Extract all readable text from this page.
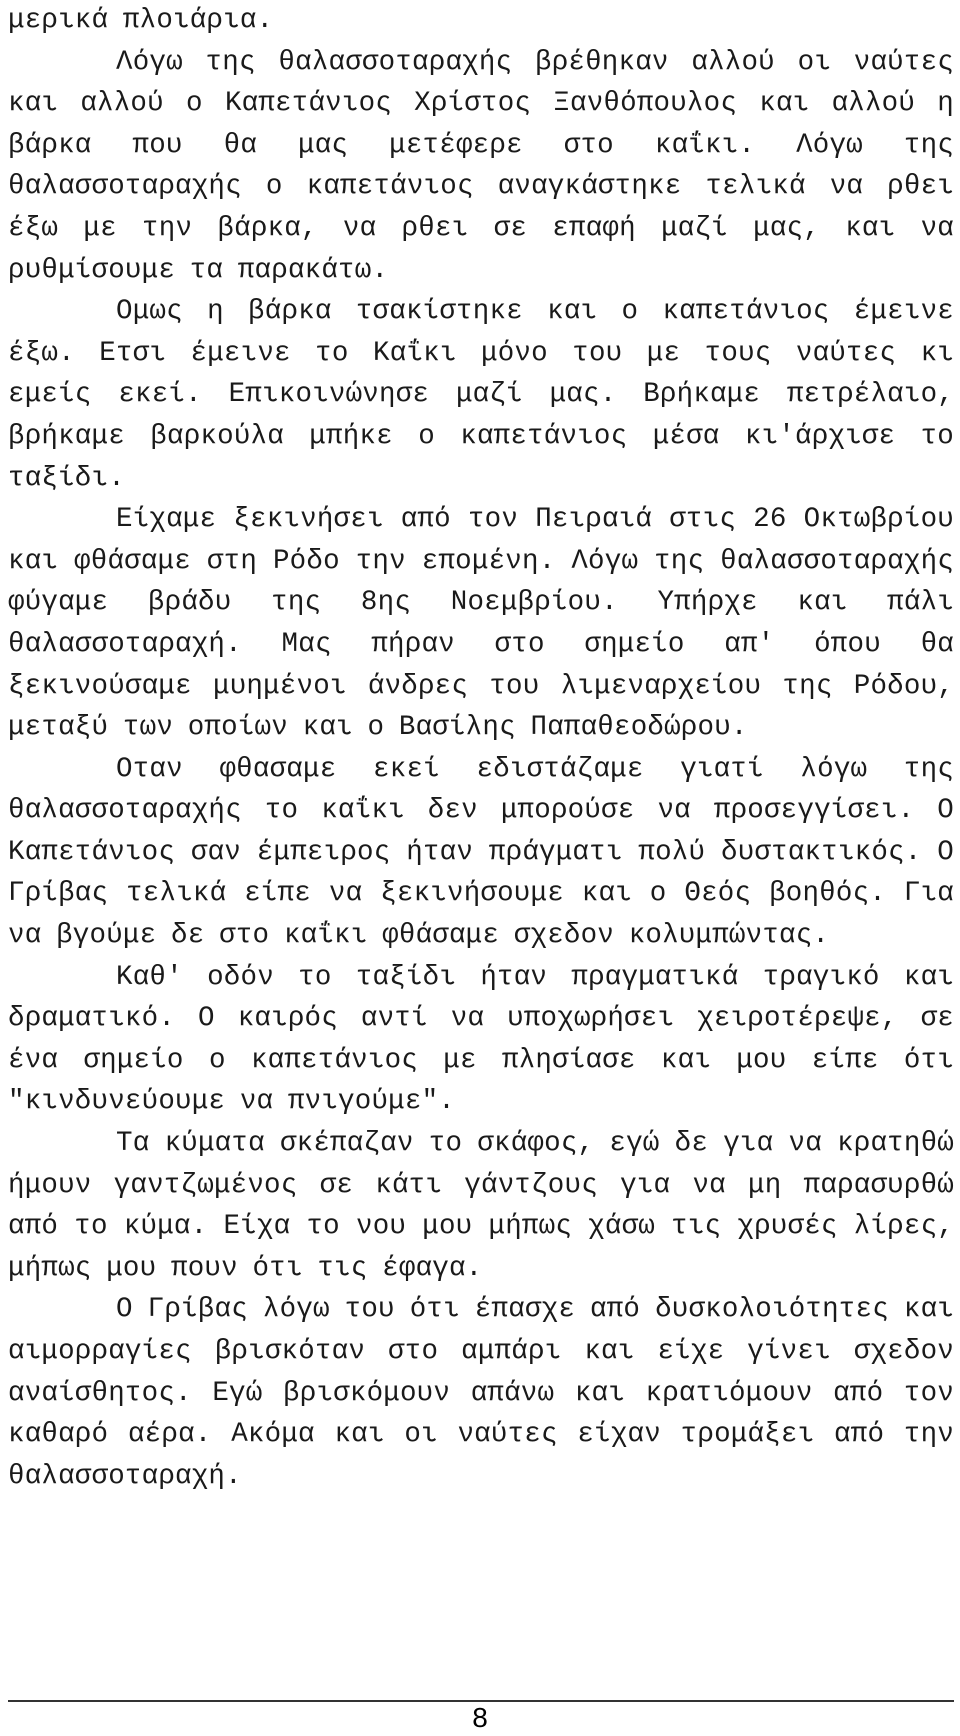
μερικά πλοιάρια.

Λόγω της θαλασσοταραχής βρέθηκαν αλλού οι ναύτες και αλλού ο Καπετάνιος Χρίστος Ξανθόπουλος και αλλού η βάρκα που θα μας μετέφερε στο καΐκι. Λόγω της θαλασσοταραχής ο καπετάνιος αναγκάστηκε τελικά να ρθει έξω με την βάρκα, να ρθει σε επαφή μαζί μας, και να ρυθμίσουμε τα παρακάτω.

Ομως η βάρκα τσακίστηκε και ο καπετάνιος έμεινε έξω. Ετσι έμεινε το Καΐκι μόνο του με τους ναύτες κι εμείς εκεί. Επικοινώνησε μαζί μας. Βρήκαμε πετρέλαιο, βρήκαμε βαρκούλα μπήκε ο καπετάνιος μέσα κι'άρχισε το ταξίδι.

Είχαμε ξεκινήσει από τον Πειραιά στις 26 Οκτωβρίου και φθάσαμε στη Ρόδο την επομένη. Λόγω της θαλασσοταραχής φύγαμε βράδυ της 8ης Νοεμβρίου. Υπήρχε και πάλι θαλασσοταραχή. Μας πήραν στο σημείο απ' όπου θα ξεκινούσαμε μυημένοι άνδρες του λιμεναρχείου της Ρόδου, μεταξύ των οποίων και ο Βασίλης Παπαθεοδώρου.

Οταν φθασαμε εκεί εδιστάζαμε γιατί λόγω της θαλασσοταραχής το καΐκι δεν μπορούσε να προσεγγίσει. Ο Καπετάνιος σαν έμπειρος ήταν πράγματι πολύ δυστακτικός. Ο Γρίβας τελικά είπε να ξεκινήσουμε και ο Θεός βοηθός. Για να βγούμε δε στο καΐκι φθάσαμε σχεδον κολυμπώντας.

Καθ' οδόν το ταξίδι ήταν πραγματικά τραγικό και δραματικό. Ο καιρός αντί να υποχωρήσει χειροτέρεψε, σε ένα σημείο ο καπετάνιος με πλησίασε και μου είπε ότι "κινδυνεύουμε να πνιγούμε".

Τα κύματα σκέπαζαν το σκάφος, εγώ δε για να κρατηθώ ήμουν γαντζωμένος σε κάτι γάντζους για να μη παρασυρθώ από το κύμα. Είχα το νου μου μήπως χάσω τις χρυσές λίρες, μήπως μου πουν ότι τις έφαγα.

Ο Γρίβας λόγω του ότι έπασχε από δυσκολοιότητες και αιμορραγίες βρισκόταν στο αμπάρι και είχε γίνει σχεδον αναίσθητος. Εγώ βρισκόμουν απάνω και κρατιόμουν από τον καθαρό αέρα. Ακόμα και οι ναύτες είχαν τρομάξει από την θαλασσοταραχή.

8
